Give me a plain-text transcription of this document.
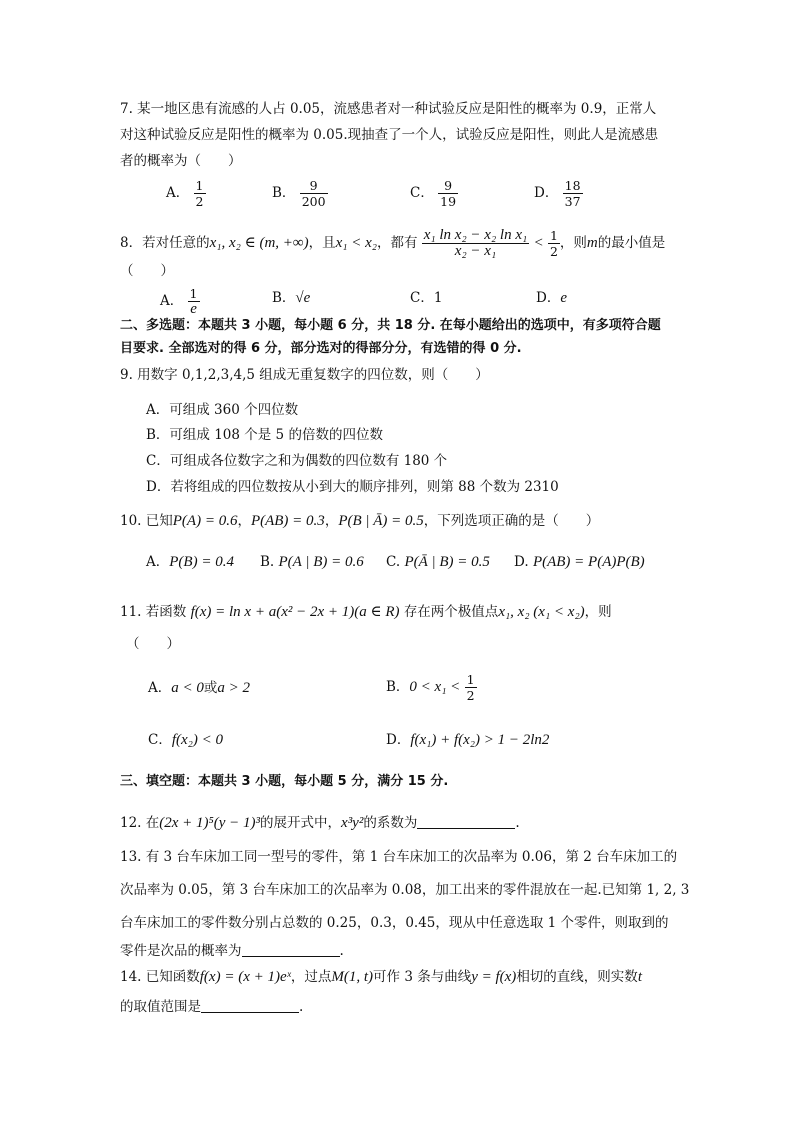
7. 某一地区患有流感的人占 0.05，流感患者对一种试验反应是阳性的概率为 0.9，正常人
对这种试验反应是阳性的概率为 0.05.现抽查了一个人，试验反应是阳性，则此人是流感患
者的概率为（　　）
A． $\frac{1}{2}$	B． $\frac{9}{200}$	C． $\frac{9}{19}$	D． $\frac{18}{37}$
8．若对任意的x₁, x₂ ∈ (m, +∞)，且x₁ < x₂，都有 $\frac{\text{x₁ ln x₂ − x₂ ln x₁}}{\text{x₂ − x₁}} < \frac{1}{2}$ ，则m的最小值是
（　　）
A． 1
e
B．√e	C．1	D．e
二、多选题：本题共 3 小题，每小题 6 分，共 18 分. 在每小题给出的选项中，有多项符合题
目要求. 全部选对的得 6 分，部分选对的得部分分，有选错的得 0 分.
9. 用数字 0,1,2,3,4,5 组成无重复数字的四位数，则（　　）
A．可组成 360 个四位数
B．可组成 108 个是 5 的倍数的四位数
C．可组成各位数字之和为偶数的四位数有 180 个
D．若将组成的四位数按从小到大的顺序排列，则第 88 个数为 2310
10. 已知P(A) = 0.6，P(AB) = 0.3，P(B | Ā) = 0.5，下列选项正确的是（　　）
A．P(B) = 0.4 B. P(A | B) = 0.6 C. P(Ā | B) = 0.5 D. P(AB) = P(A)P(B)
11. 若函数 f(x) = ln x + a(x² − 2x + 1)(a ∈ R) 存在两个极值点x₁, x₂ (x₁ < x₂)，则
（　　）
A．a < 0或a > 2	B．$0 < x_1 < \frac{1}{2}$
C．f(x₂) < 0	D．f(x₁) + f(x₂) > 1 − 2ln2
三、填空题：本题共 3 小题，每小题 5 分，满分 15 分.
12. 在(2x + 1)⁵(y − 1)³的展开式中，x³y²的系数为	.
13. 有 3 台车床加工同一型号的零件，第 1 台车床加工的次品率为 0.06，第 2 台车床加工的
次品率为 0.05，第 3 台车床加工的次品率为 0.08，加工出来的零件混放在一起.已知第 1, 2, 3
台车床加工的零件数分别占总数的 0.25，0.3，0.45，现从中任意选取 1 个零件，则取到的
零件是次品的概率为	.
14. 已知函数f(x) = (x + 1)eˣ，过点M(1, t)可作 3 条与曲线y = f(x)相切的直线，则实数t
的取值范围是	.
